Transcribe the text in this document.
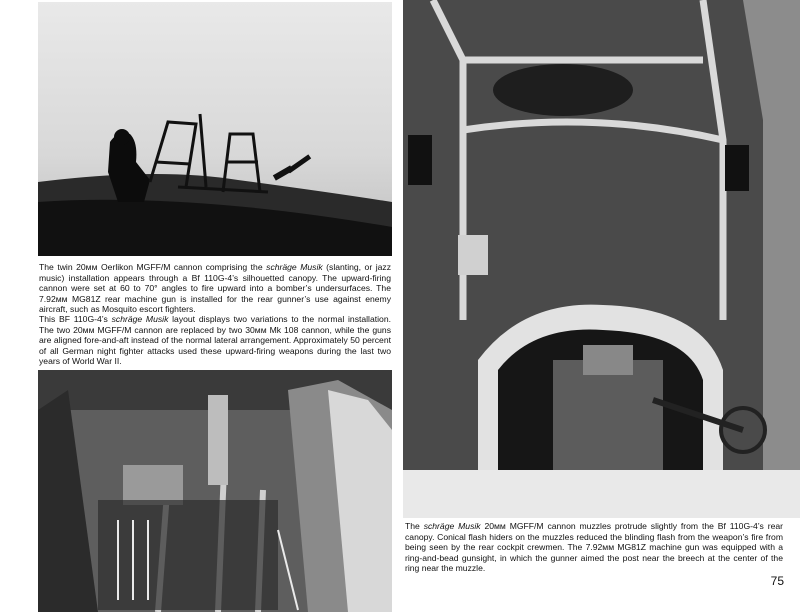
The twin 20мм Oerlikon MGFF/M cannon comprising the schräge Musik (slanting, or jazz music) installation appears through a Bf 110G-4’s silhouetted canopy. The upward-firing cannon were set at 60 to 70° angles to fire upward into a bomber’s undersurfaces. The 7.92мм MG81Z rear machine gun is installed for the rear gunner’s use against enemy aircraft, such as Mosquito escort fighters.
This BF 110G-4’s schräge Musik layout displays two variations to the normal installation. The two 20мм MGFF/M cannon are replaced by two 30мм Mk 108 cannon, while the guns are aligned fore-and-aft instead of the normal lateral arrangement. Approximately 50 percent of all German night fighter attacks used these upward-firing weapons during the last two years of World War II.
The schräge Musik 20мм MGFF/M cannon muzzles protrude slightly from the Bf 110G-4’s rear canopy. Conical flash hiders on the muzzles reduced the blinding flash from the weapon’s fire from being seen by the rear cockpit crewmen. The 7.92мм MG81Z machine gun was equipped with a ring-and-bead gunsight, in which the gunner aimed the post near the breech at the center of the ring near the muzzle.
75
